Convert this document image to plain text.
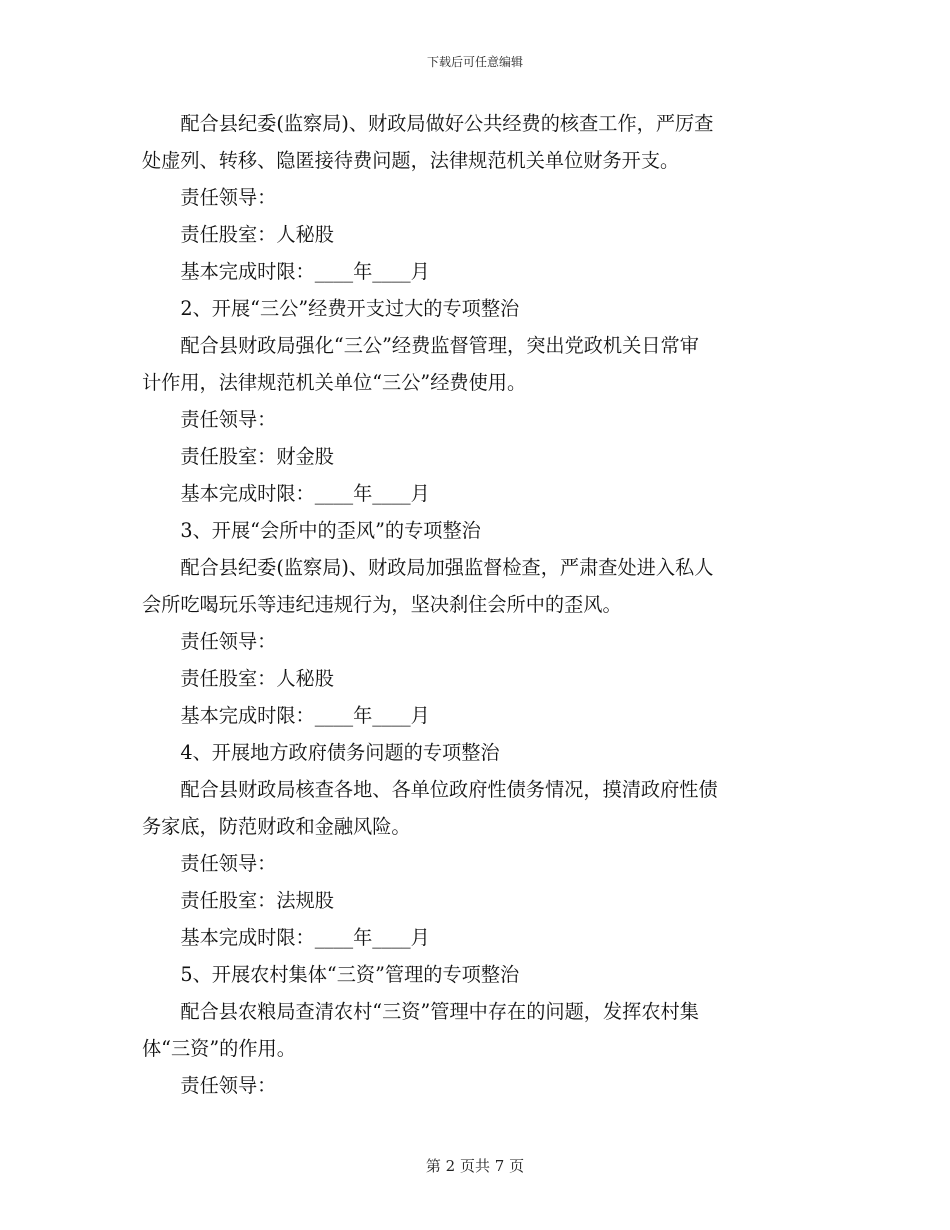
下载后可任意编辑
配合县纪委(监察局)、财政局做好公共经费的核查工作，严厉查
处虚列、转移、隐匿接待费问题，法律规范机关单位财务开支。
责任领导：
责任股室：人秘股
基本完成时限：____年____月
2、开展“三公”经费开支过大的专项整治
配合县财政局强化“三公”经费监督管理，突出党政机关日常审
计作用，法律规范机关单位“三公”经费使用。
责任领导：
责任股室：财金股
基本完成时限：____年____月
3、开展“会所中的歪风”的专项整治
配合县纪委(监察局)、财政局加强监督检查，严肃查处进入私人
会所吃喝玩乐等违纪违规行为，坚决刹住会所中的歪风。
责任领导：
责任股室：人秘股
基本完成时限：____年____月
4、开展地方政府债务问题的专项整治
配合县财政局核查各地、各单位政府性债务情况，摸清政府性债
务家底，防范财政和金融风险。
责任领导：
责任股室：法规股
基本完成时限：____年____月
5、开展农村集体“三资”管理的专项整治
配合县农粮局查清农村“三资”管理中存在的问题，发挥农村集
体“三资”的作用。
责任领导：
第 2 页共 7 页
